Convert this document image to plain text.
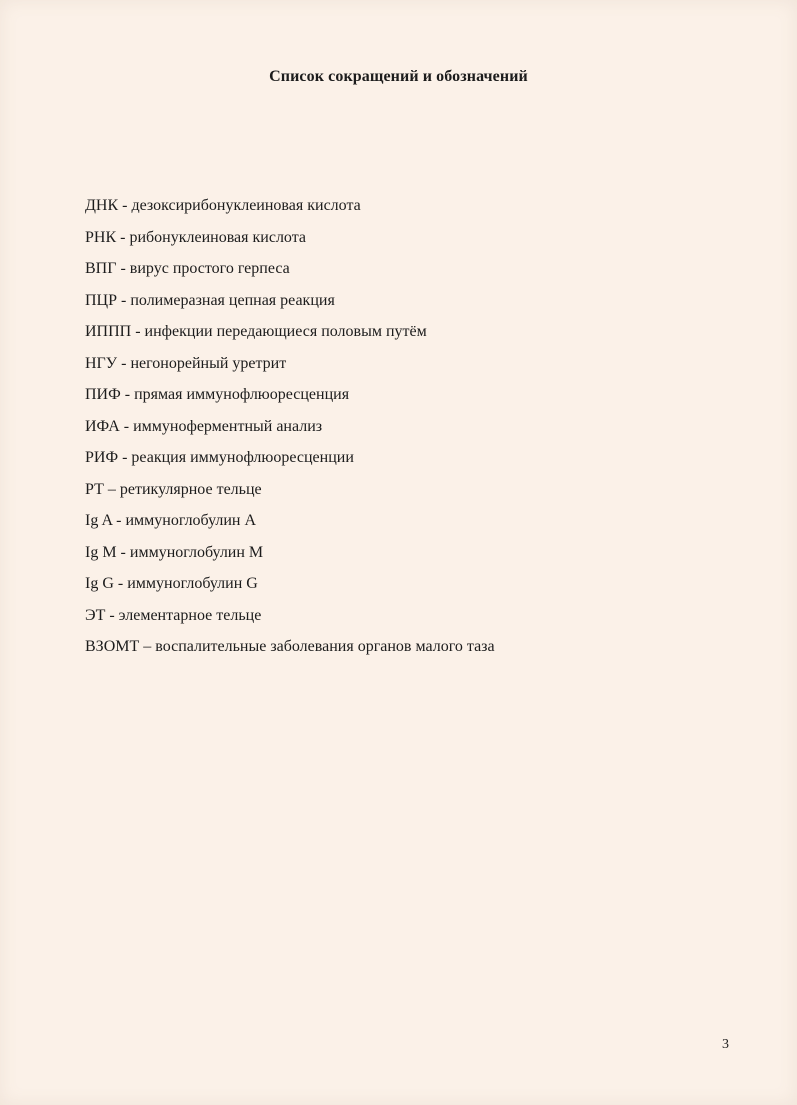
Список сокращений и обозначений
ДНК - дезоксирибонуклеиновая кислота
РНК - рибонуклеиновая кислота
ВПГ - вирус простого герпеса
ПЦР - полимеразная цепная реакция
ИППП - инфекции передающиеся половым путём
НГУ - негонорейный уретрит
ПИФ - прямая иммунофлюоресценция
ИФА - иммуноферментный анализ
РИФ - реакция иммунофлюоресценции
РТ – ретикулярное тельце
Ig A - иммуноглобулин А
Ig M - иммуноглобулин М
Ig G - иммуноглобулин G
ЭТ - элементарное тельце
ВЗОМТ – воспалительные заболевания органов малого таза
3
